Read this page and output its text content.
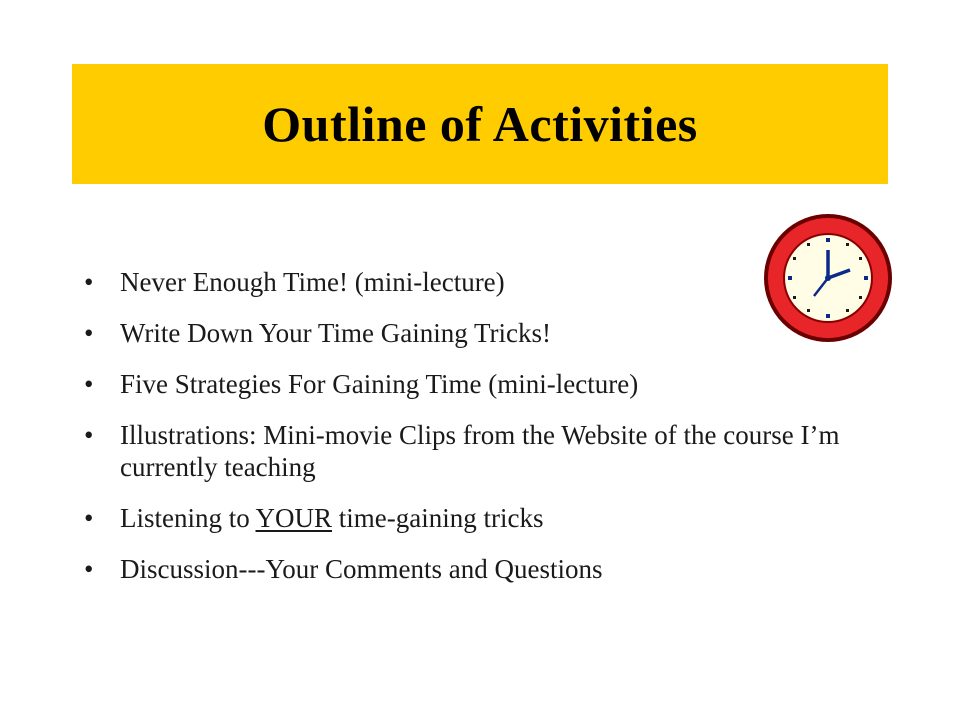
Outline of Activities
• Never Enough Time! (mini-lecture)
• Write Down Your Time Gaining Tricks!
• Five Strategies For Gaining Time (mini-lecture)
• Illustrations: Mini-movie Clips from the Website of the course I’m currently teaching
• Listening to YOUR time-gaining tricks
• Discussion---Your Comments and Questions
